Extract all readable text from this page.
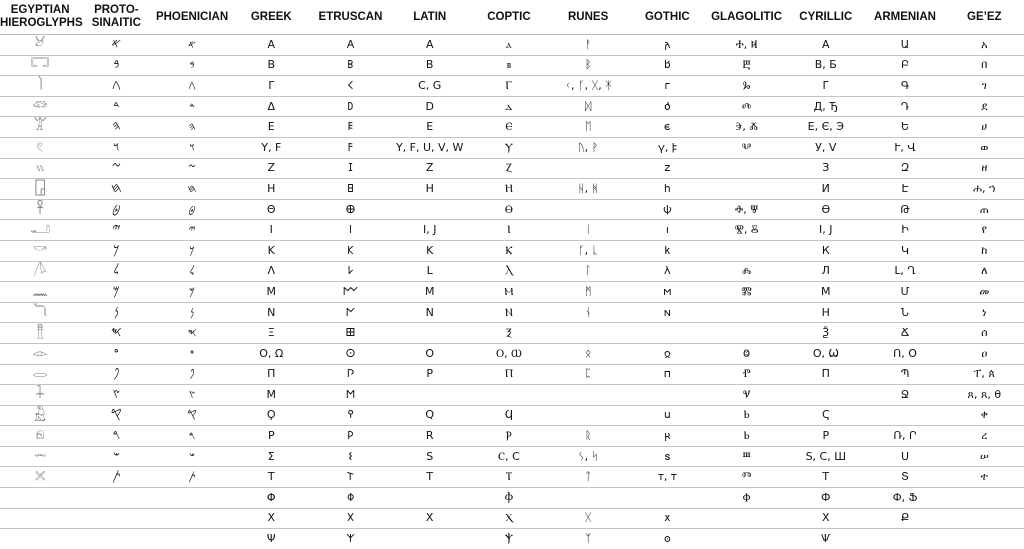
EGYPTIAN HIEROGLYPHS	PROTO-SINAITIC	PHOENICIAN	GREEK	ETRUSCAN	LATIN	COPTIC	RUNES	GOTHIC	GLAGOLITIC	CYRILLIC	ARMENIAN	GE’EZ
𓃾	𐤀	𐤀	Α	𐌀	A	ⲁ	ᚨ	𐌰	Ⰰ, Ⱝ	А	Ա	አ
𓉐	𐤁	𐤁	Β	𐌁	B	ⲃ	ᛒ	𐌱	Ⰱ	В, Б	Բ	በ
𓌙	𐤂	𐤂	Γ	𐌂	C, G	Ⲅ	ᚲ, ᚴ, ᚷ, ᛡ	𐌲	Ⰳ	Г	Գ	ገ
𓆛	𐤃	𐤃	Δ	𐌃	D	ⲇ	ᛞ	𐌳	Ⰴ	Д, Ђ	Դ	ደ
𓀠	𐤄	𐤄	Ε	𐌄	E	Ⲉ	ᛖ	𐌴	Ⰵ, Ⰶ	Е, Є, Э	Ե	ሀ
𓏲	𐤅	𐤅	Υ, F	𐌅	Y, F, U, V, W	Ⲩ	ᚢ, ᚹ	𐍅, 𐍆	Ⰲ	У, V	Ւ, Վ	ወ
𓏭	𐤆	𐤆	Ζ	𐌆	Z	Ⲍ		𐌶		З	Զ	ዘ
𓉗	𐤇	𐤇	Η	𐌇	H	Ⲏ	ᚺ, ᚻ	𐌷		И	Է	ሐ, ኀ
𓋹	𐤈	𐤈	Θ	𐌈		Ⲑ		𐌸	Ⱚ, Ⱋ	Ѳ	Թ	ጠ
𓂝	𐤉	𐤉	Ι	𐌉	I, J	Ⲓ	ᛁ	𐌹	Ⰺ, Ⰻ	І, Ј	Ի	የ
𓎡	𐤊	𐤊	Κ	𐌊	K	Ⲕ	ᚴ, ᚳ	𐌺		К	Կ	ከ
𓌅	𐤋	𐤋	Λ	𐌋	L	Ⲗ	ᛚ	𐌻	Ⰾ	Л	Լ, Ղ	ለ
𓈖	𐤌	𐤌	Μ	𐌌	M	Ⲙ	ᛗ	𐌼	Ⰿ	М	Մ	መ
𓆓	𐤍	𐤍	Ν	𐌍	N	Ⲛ	ᚾ	𐌽		Н	Ն	ነ
𓊽	𐤎	𐤎	Ξ	𐌎		Ⲝ				Ѯ	Ճ	ሰ
𓁹	𐤏	𐤏	Ο, Ω	𐌏	O	Ⲟ, Ⲱ	ᛟ	𐍉	Ⱉ	О, Ѡ	Ո, Օ	ዐ
𓂋	𐤐	𐤐	Π	𐌐	P	Ⲡ	ᛈ	𐍀	Ⱂ	П	Պ	ፐ, ጰ
𓇑	𐤑	𐤑	Μ	𐌑					Ⱌ		Ջ	ጸ, ጸ, θ
𓃻	𐤒	𐤒	Ϙ	𐌒	Q	Ϥ		𐌵	Ⱃ	Ҁ		ቀ
𓁶	𐤓	𐤓	Ρ	𐌓	R	Ⲣ	ᚱ	𐍂	Ⱃ	Р	Ռ, Ր	ረ
𓌓	𐤔	𐤔	Σ	𐌔	S	Ⲥ, C	ᛊ, ᛋ	𐍃	Ⱎ	S, C, Ш	Ս	ሠ
𓏴	𐤕	𐤕	Τ	𐌕	T	Ⲧ	ᛏ	𐍄, 𐍄	Ⱅ	Т	Տ	ተ
			Φ	𐌘		Ⲫ			Ⱇ	Ф	Փ, Ֆ	
			Χ	𐌗	X	Ⲭ	ᚷ	𐍇		Х	Ք	
			Ψ	𐌙		Ⲯ	ᛉ	𐍈		Ѱ		
